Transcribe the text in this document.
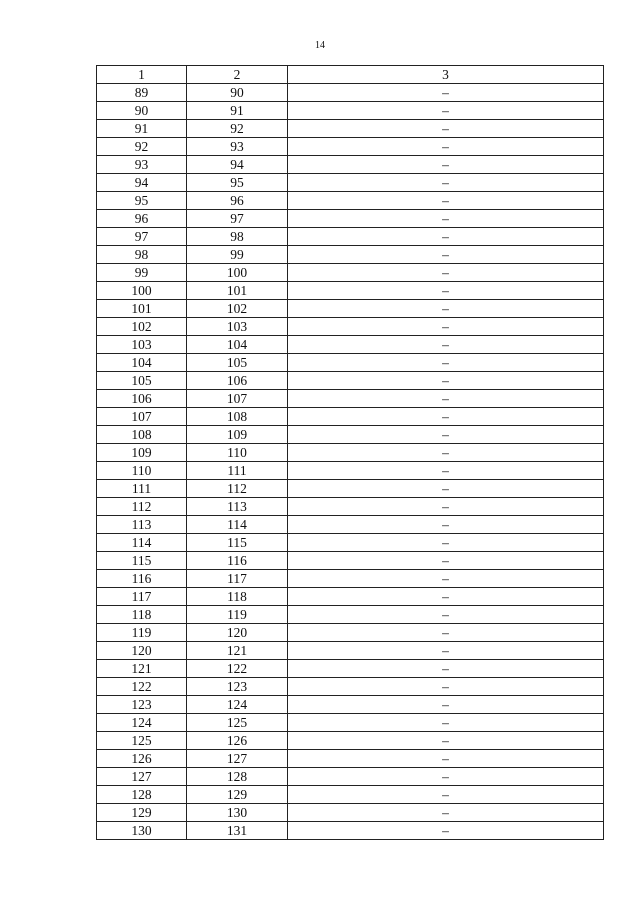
14
1	2	3
89	90	–
90	91	–
91	92	–
92	93	–
93	94	–
94	95	–
95	96	–
96	97	–
97	98	–
98	99	–
99	100	–
100	101	–
101	102	–
102	103	–
103	104	–
104	105	–
105	106	–
106	107	–
107	108	–
108	109	–
109	110	–
110	111	–
111	112	–
112	113	–
113	114	–
114	115	–
115	116	–
116	117	–
117	118	–
118	119	–
119	120	–
120	121	–
121	122	–
122	123	–
123	124	–
124	125	–
125	126	–
126	127	–
127	128	–
128	129	–
129	130	–
130	131	–
